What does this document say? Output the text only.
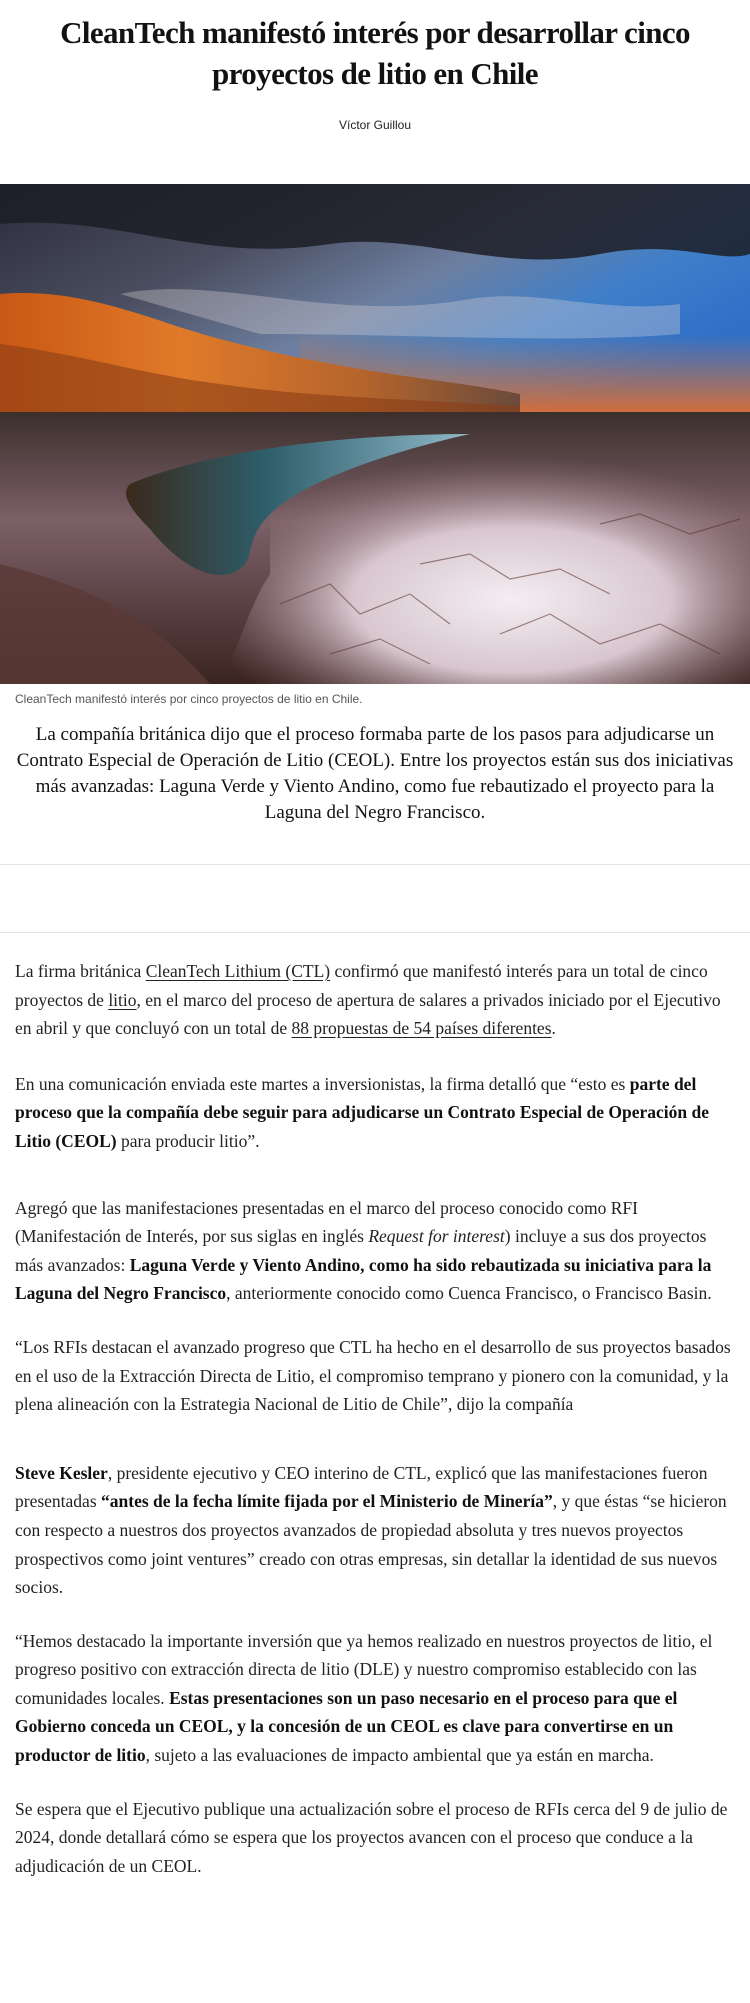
CleanTech manifestó interés por desarrollar cinco proyectos de litio en Chile
Víctor Guillou
CleanTech manifestó interés por cinco proyectos de litio en Chile.
La compañía británica dijo que el proceso formaba parte de los pasos para adjudicarse un Contrato Especial de Operación de Litio (CEOL). Entre los proyectos están sus dos iniciativas más avanzadas: Laguna Verde y Viento Andino, como fue rebautizado el proyecto para la Laguna del Negro Francisco.

La firma británica CleanTech Lithium (CTL) confirmó que manifestó interés para un total de cinco proyectos de litio, en el marco del proceso de apertura de salares a privados iniciado por el Ejecutivo en abril y que concluyó con un total de 88 propuestas de 54 países diferentes.

En una comunicación enviada este martes a inversionistas, la firma detalló que “esto es parte del proceso que la compañía debe seguir para adjudicarse un Contrato Especial de Operación de Litio (CEOL) para producir litio”.

Agregó que las manifestaciones presentadas en el marco del proceso conocido como RFI (Manifestación de Interés, por sus siglas en inglés Request for interest) incluye a sus dos proyectos más avanzados: Laguna Verde y Viento Andino, como ha sido rebautizada su iniciativa para la Laguna del Negro Francisco, anteriormente conocido como Cuenca Francisco, o Francisco Basin.

“Los RFIs destacan el avanzado progreso que CTL ha hecho en el desarrollo de sus proyectos basados en el uso de la Extracción Directa de Litio, el compromiso temprano y pionero con la comunidad, y la plena alineación con la Estrategia Nacional de Litio de Chile”, dijo la compañía

Steve Kesler, presidente ejecutivo y CEO interino de CTL, explicó que las manifestaciones fueron presentadas “antes de la fecha límite fijada por el Ministerio de Minería”, y que éstas “se hicieron con respecto a nuestros dos proyectos avanzados de propiedad absoluta y tres nuevos proyectos prospectivos como joint ventures” creado con otras empresas, sin detallar la identidad de sus nuevos socios.

“Hemos destacado la importante inversión que ya hemos realizado en nuestros proyectos de litio, el progreso positivo con extracción directa de litio (DLE) y nuestro compromiso establecido con las comunidades locales. Estas presentaciones son un paso necesario en el proceso para que el Gobierno conceda un CEOL, y la concesión de un CEOL es clave para convertirse en un productor de litio, sujeto a las evaluaciones de impacto ambiental que ya están en marcha.

Se espera que el Ejecutivo publique una actualización sobre el proceso de RFIs cerca del 9 de julio de 2024, donde detallará cómo se espera que los proyectos avancen con el proceso que conduce a la adjudicación de un CEOL.
